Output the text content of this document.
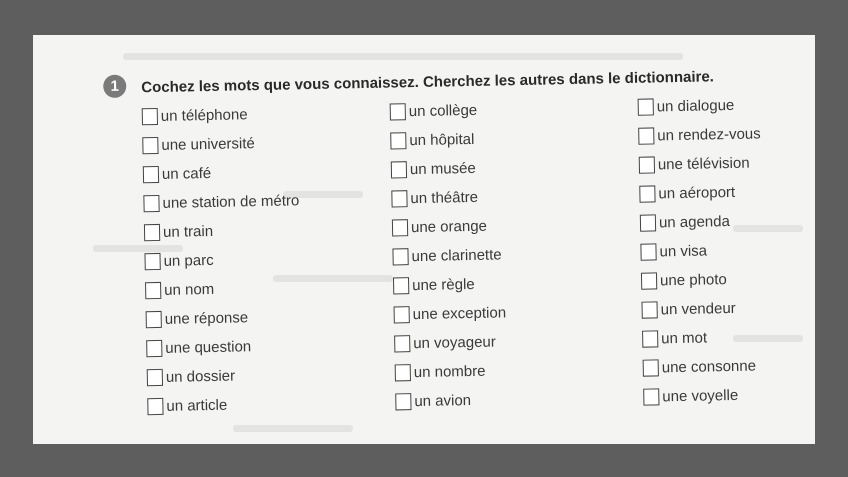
1	Cochez les mots que vous connaissez. Cherchez les autres dans le dictionnaire.
un téléphone
une université
un café
une station de métro
un train
un parc
un nom
une réponse
une question
un dossier
un article
un collège
un hôpital
un musée
un théâtre
une orange
une clarinette
une règle
une exception
un voyageur
un nombre
un avion
un dialogue
un rendez-vous
une télévision
un aéroport
un agenda
un visa
une photo
un vendeur
un mot
une consonne
une voyelle
